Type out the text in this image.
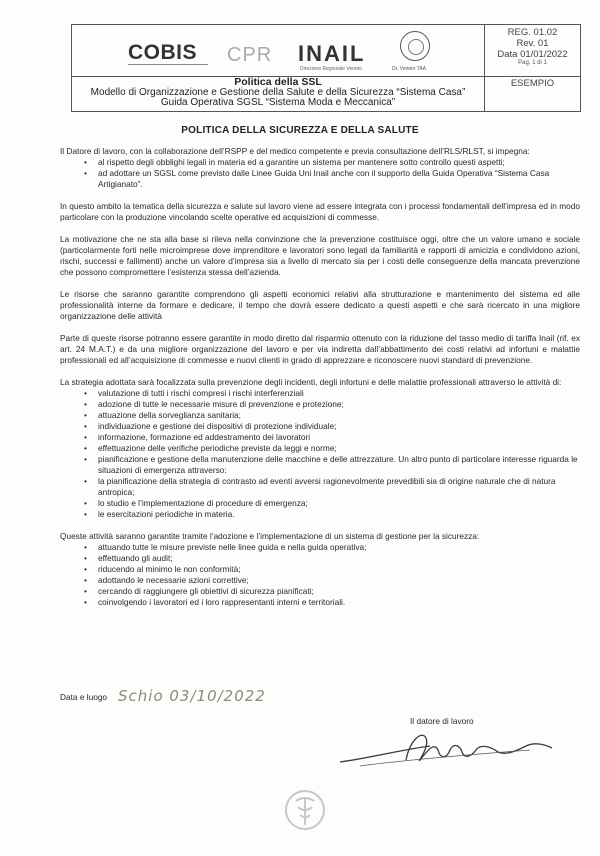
COBIS CPR INAIL
Direzione Regionale Veneto	Dr. Veneto TAA
REG. 01.02
Rev. 01
Data 01/01/2022
Pag. 1 di 1
Politica della SSL
Modello di Organizzazione e Gestione della Salute e della Sicurezza “Sistema Casa”
Guida Operativa SGSL “Sistema Moda e Meccanica”
ESEMPIO
POLITICA DELLA SICUREZZA E DELLA SALUTE

Il Datore di lavoro, con la collaborazione dell’RSPP e del medico competente e previa consultazione dell’RLS/RLST, si impegna:

• al rispetto degli obblighi legali in materia ed a garantire un sistema per mantenere sotto controllo questi aspetti;
• ad adottare un SGSL come previsto dalle Linee Guida Uni Inail anche con il supporto della Guida Operativa “Sistema Casa Artigianato”.

In questo ambito la tematica della sicurezza e salute sul lavoro viene ad essere integrata con i processi fondamentali dell’impresa ed in modo particolare con la produzione vincolando scelte operative ed acquisizioni di commesse.

La motivazione che ne sta alla base si rileva nella convinzione che la prevenzione costituisce oggi, oltre che un valore umano e sociale (particolarmente forti nelle microimprese dove imprenditore e lavoratori sono legati da familiarità e rapporti di amicizia e condividono azioni, rischi, successi e fallimenti) anche un valore d’impresa sia a livello di mercato sia per i costi delle conseguenze della mancata prevenzione che possono compromettere l’esistenza stessa dell’azienda.

Le risorse che saranno garantite comprendono gli aspetti economici relativi alla strutturazione e mantenimento del sistema ed alle professionalità interne da formare e dedicare, il tempo che dovrà essere dedicato a questi aspetti e che sarà ricercato in una migliore organizzazione delle attività

Parte di queste risorse potranno essere garantite in modo diretto dal risparmio ottenuto con la riduzione del tasso medio di tariffa Inail (rif. ex art. 24 M.A.T.) e da una migliore organizzazione del lavoro e per via indiretta dall’abbattimento dei costi relativi ad infortuni e malattie professionali ed all’acquisizione di commesse e nuovi clienti in grado di apprezzare e riconoscere nuovi standard di prevenzione.

La strategia adottata sarà focalizzata sulla prevenzione degli incidenti, degli infortuni e delle malattie professionali attraverso le attività di:

• valutazione di tutti i rischi compresi i rischi interferenziali
• adozione di tutte le necessarie misure di prevenzione e protezione;
• attuazione della sorveglianza sanitaria;
• individuazione e gestione dei dispositivi di protezione individuale;
• informazione, formazione ed addestramento dei lavoratori
• effettuazione delle verifiche periodiche previste da leggi e norme;
• pianificazione e gestione della manutenzione delle macchine e delle attrezzature. Un altro punto di particolare interesse riguarda le situazioni di emergenza attraverso:
• la pianificazione della strategia di contrasto ad eventi avversi ragionevolmente prevedibili sia di origine naturale che di natura antropica;
• lo studio e l’implementazione di procedure di emergenza;
• le esercitazioni periodiche in materia.

Queste attività saranno garantite tramite l’adozione e l’implementazione di un sistema di gestione per la sicurezza:

• attuando tutte le misure previste nelle linee guida e nella guida operativa;
• effettuando gli audit;
• riducendo al minimo le non conformità;
• adottando le necessarie azioni correttive;
• cercando di raggiungere gli obiettivi di sicurezza pianificati;
• coinvolgendo i lavoratori ed i loro rappresentanti interni e territoriali.
Data e luogo Schio 03/10/2022
Il datore di lavoro
